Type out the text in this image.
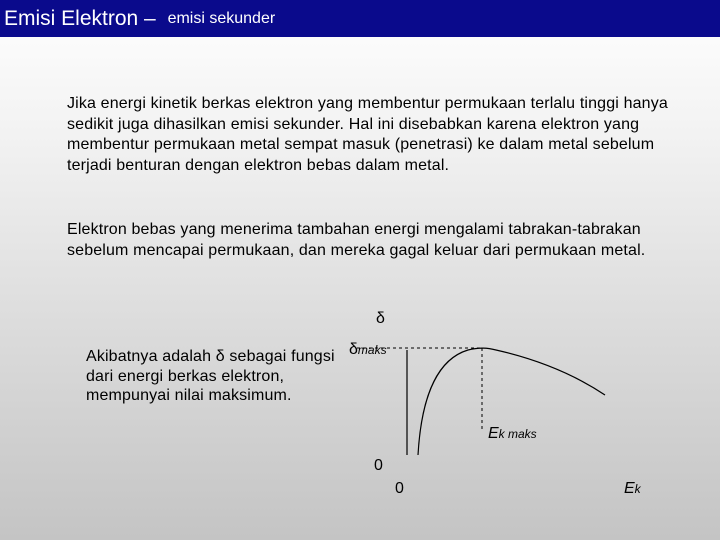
Emisi Elektron – emisi sekunder
Jika energi kinetik berkas elektron yang membentur permukaan terlalu tinggi hanya sedikit juga dihasilkan emisi sekunder. Hal ini disebabkan karena elektron yang membentur permukaan metal sempat masuk (penetrasi) ke dalam metal sebelum terjadi benturan dengan elektron bebas dalam metal.
Elektron bebas yang menerima tambahan energi mengalami tabrakan-tabrakan sebelum mencapai permukaan, dan mereka gagal keluar dari permukaan metal.
Akibatnya adalah δ sebagai fungsi dari energi berkas elektron, mempunyai nilai maksimum.
δ
δmaks
Ek maks
0
0	Ek
